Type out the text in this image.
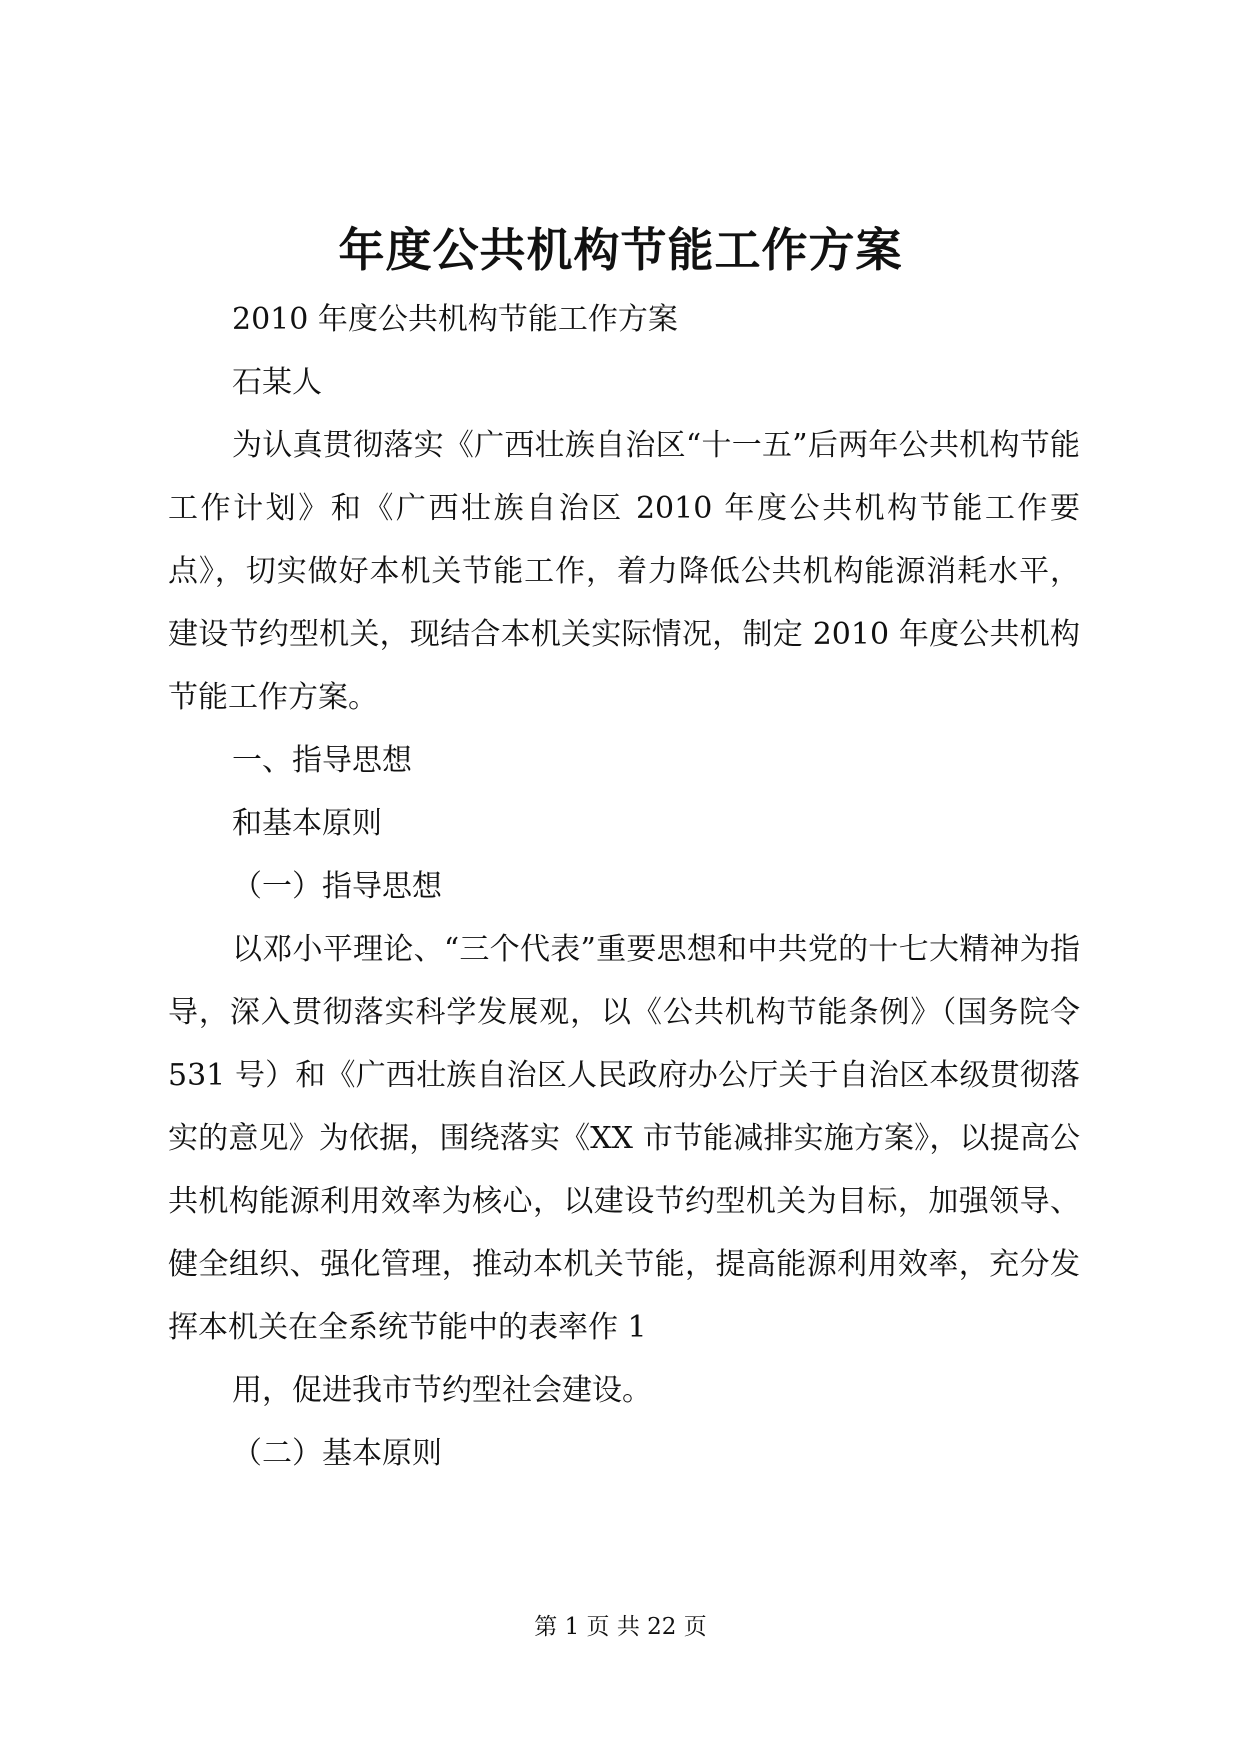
年度公共机构节能工作方案

2010 年度公共机构节能工作方案

石某人

为认真贯彻落实《广西壮族自治区“十一五”后两年公共机构节能工作计划》和《广西壮族自治区 2010 年度公共机构节能工作要点》，切实做好本机关节能工作，着力降低公共机构能源消耗水平，建设节约型机关，现结合本机关实际情况，制定 2010 年度公共机构节能工作方案。

一、指导思想

和基本原则

（一）指导思想

以邓小平理论、“三个代表”重要思想和中共党的十七大精神为指导，深入贯彻落实科学发展观，以《公共机构节能条例》（国务院令 531 号）和《广西壮族自治区人民政府办公厅关于自治区本级贯彻落实的意见》为依据，围绕落实《XX 市节能减排实施方案》，以提高公共机构能源利用效率为核心，以建设节约型机关为目标，加强领导、健全组织、强化管理，推动本机关节能，提高能源利用效率，充分发挥本机关在全系统节能中的表率作 1

用，促进我市节约型社会建设。

（二）基本原则

第 1 页 共 22 页
